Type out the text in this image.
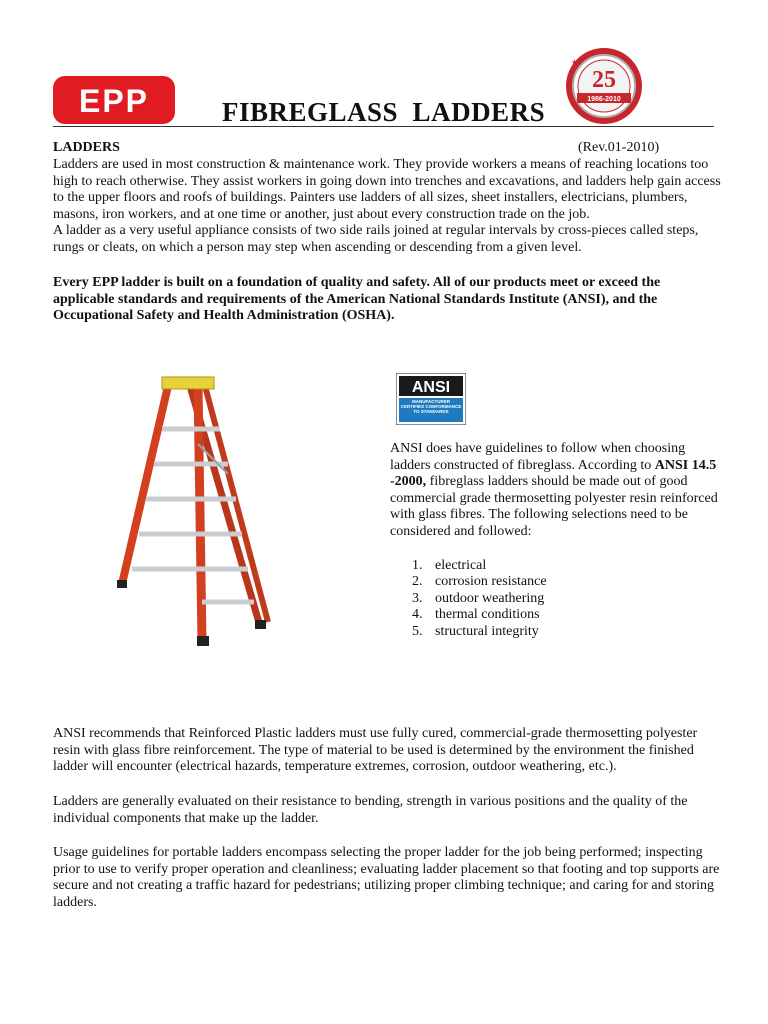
EPP	FIBREGLASS  LADDERS
25
1986-2010
★	★
LADDERS	(Rev.01-2010)
Ladders are used in most construction & maintenance work. They provide workers a means of reaching locations too high to reach otherwise. They assist workers in going down into trenches and excavations, and ladders help gain access to the upper floors and roofs of buildings. Painters use ladders of all sizes, sheet installers, electricians, plumbers, masons, iron workers, and at one time or another, just about every construction trade on the job.
A ladder as a very useful appliance consists of two side rails joined at regular intervals by cross-pieces called steps, rungs or cleats, on which a person may step when ascending or descending from a given level.

Every EPP ladder is built on a foundation of quality and safety. All of our products meet or exceed the applicable standards and requirements of the American National Standards Institute (ANSI), and the Occupational Safety and Health Administration (OSHA).

ANSI
MANUFACTURER CERTIFIES CONFORMANCE TO STANDARDS

ANSI does have guidelines to follow when choosing ladders constructed of fibreglass. According to ANSI 14.5 -2000, fibreglass ladders should be made out of good commercial grade thermosetting polyester resin reinforced with glass fibres. The following selections need to be considered and followed:

1. electrical
2. corrosion resistance
3. outdoor weathering
4. thermal conditions
5. structural integrity

ANSI recommends that Reinforced Plastic ladders must use fully cured, commercial-grade thermosetting polyester resin with glass fibre reinforcement. The type of material to be used is determined by the environment the finished ladder will encounter (electrical hazards, temperature extremes, corrosion, outdoor weathering, etc.).

Ladders are generally evaluated on their resistance to bending, strength in various positions and the quality of the individual components that make up the ladder.

Usage guidelines for portable ladders encompass selecting the proper ladder for the job being performed; inspecting prior to use to verify proper operation and cleanliness; evaluating ladder placement so that footing and top supports are secure and not creating a traffic hazard for pedestrians; utilizing proper climbing technique; and caring for and storing ladders.
